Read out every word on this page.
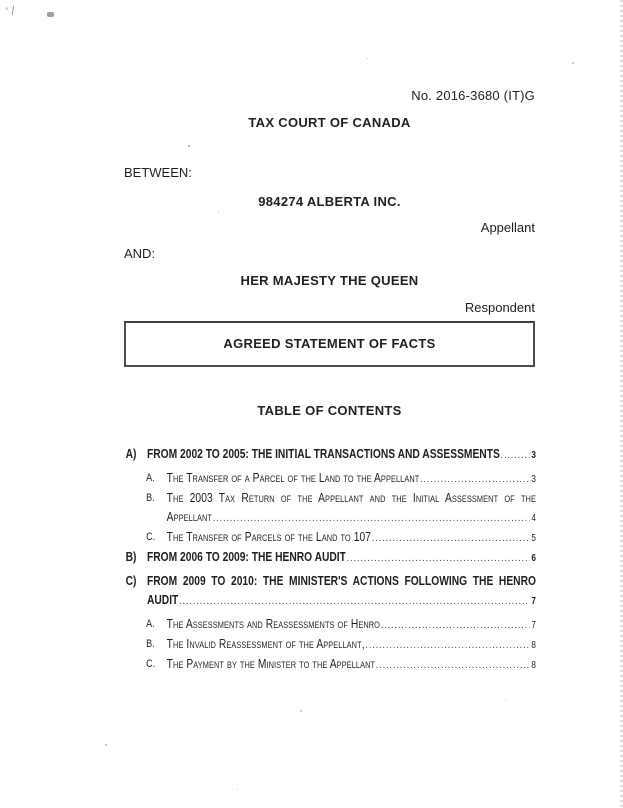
'/
No. 2016-3680 (IT)G
TAX COURT OF CANADA
BETWEEN:
984274 ALBERTA INC.
Appellant
AND:
HER MAJESTY THE QUEEN
Respondent
AGREED STATEMENT OF FACTS
TABLE OF CONTENTS
A) FROM 2002 TO 2005: THE INITIAL TRANSACTIONS AND ASSESSMENTS .....	3
A. The Transfer of a Parcel of the Land to the Appellant .....	3
B. The 2003 Tax Return of the Appellant and the Initial Assessment of the
Appellant .....	4
C. The Transfer of Parcels of the Land to 107 .....	5
B) FROM 2006 TO 2009: THE HENRO AUDIT .....	6
C) FROM 2009 TO 2010: THE MINISTER'S ACTIONS FOLLOWING THE HENRO
AUDIT .....	7
A. The Assessments and Reassessments of Henro .....	7
B. The Invalid Reassessment of the Appellant, .....	8
C. The Payment by the Minister to the Appellant .....	8
